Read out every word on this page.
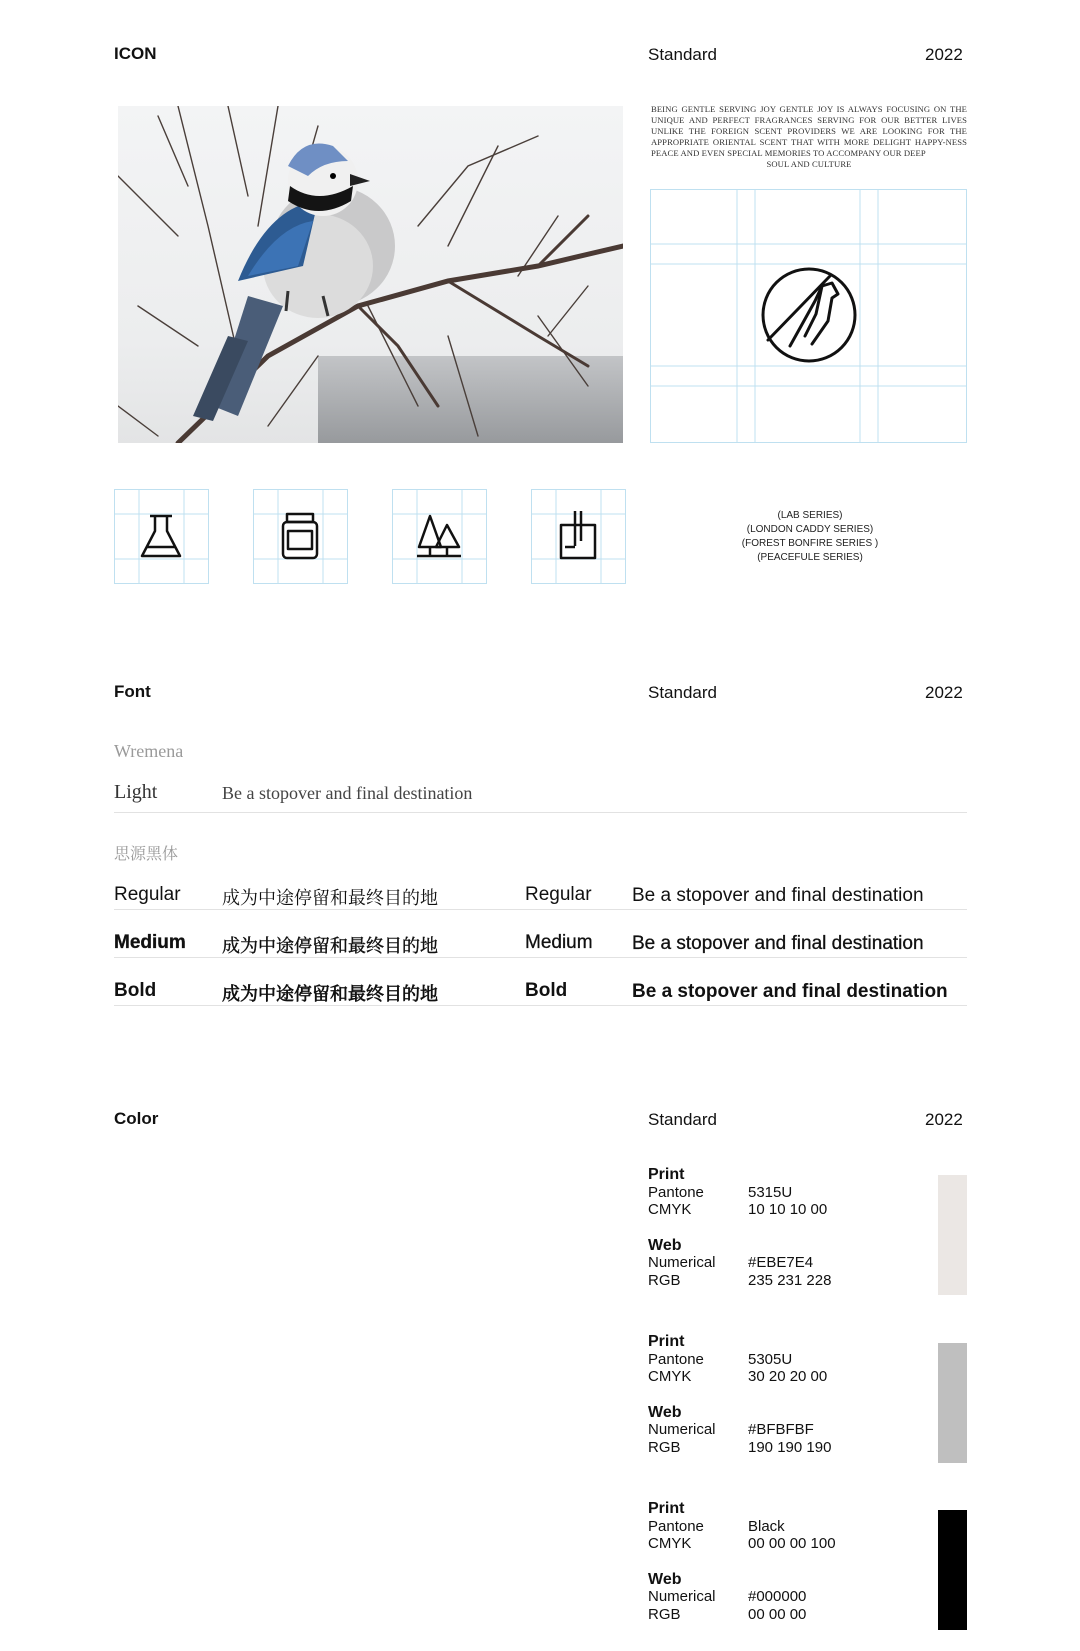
ICON	Standard	2022
BEING GENTLE SERVING JOY GENTLE JOY IS ALWAYS FOCUSING ON THE UNIQUE AND PERFECT FRAGRANCES SERVING FOR OUR BETTER LIVES UNLIKE THE FOREIGN SCENT PROVIDERS WE ARE LOOKING FOR THE APPROPRIATE ORIENTAL SCENT THAT WITH MORE DELIGHT HAPPY-NESS PEACE AND EVEN SPECIAL MEMORIES TO ACCOMPANY OUR DEEP
SOUL AND CULTURE
(LAB SERIES)
(LONDON CADDY SERIES)
(FOREST BONFIRE SERIES )
(PEACEFULE SERIES)
Font	Standard	2022
Wremena
Light	Be a stopover and final destination
思源黑体
Regular 成为中途停留和最终目的地	Regular Be a stopover and final destination
Medium 成为中途停留和最终目的地	Medium Be a stopover and final destination
Bold	成为中途停留和最终目的地	Bold	Be a stopover and final destination
Color	Standard	2022
Print
Pantone	5315U
CMYK	10 10 10 00
Web
Numerical	#EBE7E4
RGB	235 231 228
Print
Pantone	5305U
CMYK	30 20 20 00
Web
Numerical	#BFBFBF
RGB	190 190 190
Print
Pantone	Black
CMYK	00 00 00 100
Web
Numerical	#000000
RGB	00 00 00
